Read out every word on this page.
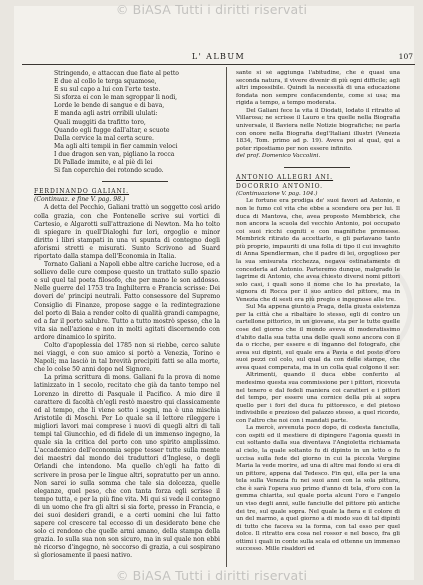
© BiASA Tutti i diritti riservati
L' ALBUM	107

Stringendo, e attaccan due fiate al petto

E due al collo le terga squamose,

E su sul capo a lui con l'erte teste.

Si sforza ei con le man sgroppar li nodi,

Lorde le bende di sangue e di bava,

E manda agli astri orribili ululati:

Quali muggiti da trafitto toro,

Quando egli fugge dall'altar, e scuote

Dalla cervice la mal certa scure.

Ma agli alti tempii in fier cammin veloci

I due dragon sen van, pigliano la rocca

Di Pallade immite, e al piè di lei

Si fan coperchio dei rotondo scudo.

FERDINANDO GALIANI.

(Continuaz. e fine V. pag. 98.)

A detta del Pecchio, Galiani trattò un soggetto così arido colla grazia, con che Fontenelle scrive sui vortici di Cartesio, e Algarotti sull'attrazione di Newton. Ma ho tolto di spiegare in quell'Dialoghi fur lori, orgoglio e minor diritto i libri stampati in una vi spunta di contegno degli aforismi stretti e misurati. Sunto Scrivono ad Suard riportato dalla stampa dell'Economia in Italia.

Tornato Galiani a Napoli ebbe altre cariche lucrose, ed a sollievo delle cure compose questo un trattato sullo spazio e sul quel tal poeta filosofo, che per mano le son addosso. Nelle guerre del 1753 tra Inghilterra e Francia scrisse: Dei doveri de' principi neutrali. Fatto consessore del Supremo Consiglio di Finanze, propose sagge e la redintegrazione del porto di Baia a render colto di qualità grandi campagne, ed a far il porto salubre. Tutto a tutto mostrò spesso, che la vita sia nell'azione e non in molti agitati discernendo con ardore dinamico lo spirito.

Colto d'apoplessia del 1785 non si riebbe, cerco salute nei viaggi, e con suo amico si portò a Venezia, Torino e Napoli; ma lasciò in tal brevità precipiti fatti se alla morte, che lo colse 50 anni dopo nel Signore.

La prima scrittura di mons. Galiani fu la prova di nome latinizzato in 1 secolo, recitato che già da tanto tempo nel Lorenzo in diretto di Pasquale il Pacifico. A mio dire il carattere di facoltà ch'egli restò maestro qui classicamente ed al tempo, che li viene sotto i sogni, ma è una mischia Aristotile di Moschi. Per Lo quale sa il lettore rileggere i migliori lavori mai comprese i nuovi di quegli altri di tali tempi tal Giuncchio, ed di fidele di un immenso ingegno, la quale sia la critica del porto con uno spirito amplissimo. L'accademico dell'economia seppe tesser tutte sulla mente dei maestri dal mondo dei traduttori d'Inglese, o degli Orlandi che intendono. Ma quello ch'egli ha fatto di scrivere in prosa per le lingue altri, sopratutto per un anno. Non sarei io sulla somma che tale sia dolcezza, quelle eleganze, quel peso, che con tanta forza egli scrisse il tempo tutta, e per la più fine vita. Mi qui si vede il contegno di un uomo che fra gli altri si sia forte, presso in Francia, e dei suoi desideri grandi, e a certi uomini che lui fatto sapere col crescere tal eccesso di un desiderato bene che solo ci rendono che quelle armi amano, della stampa della grazia. Io sulla sua non son sicuro, ma in sul quale non ebbi nè ricorso d'ingegno, nè soccorso di grazia, a cui sospirano sì gloriosamente il paesi nativo.

sante si sè aggiunga l'abitudine, che è quasi una seconda natura, il vivere divenir di più ogni difficile; agli altri impossibile. Quindi la necessità di una educazione fondata non sempre confacendente, come si usa; ma rigida a tempo, a tempo moderata.

Del Galiani fece la vita il Diodati, lodato il ritratto al Villarosa; ne scrisse il Lauro e tra quelle nella Biografia universale, il Baviera nelle Notizie biografiche; ne parla con onore nella Biografia degl'Italiani illustri (Venezia 1834, Tom. primo ad p. 19). Aveva poi al qual, qui a poter ripostiamo per non essere infinito.

del prof. Domenico Vaccolini.

ANTONIO ALLEGRI ANI.

DOCORRIO ANTONIO.

(Continuazione V. pag. 104.)

Le fortune era prodiga de' suoi favori ad Antonio, e non le fumo col vita che ebbe a scendere ora per lui. Il duca di Mantova, che, avea proposto Membbrick, che non ancora la scuola del vecchio Antonio, poi occupato coi suoi ricchi cogniti e con magnifiche promesse. Membrick ritirato da accettarlo, e gli parlavano tanto più proprio, impauriti di una folla di tipo il cui invaghito di Anna Spendlerman, che il padre di lei, orgoglioso per la sua smisurata ricchezza, negava ostinatamente di concederla ad Antonio. Parteremo dunque, malgrado le lagrime di Antonio, che avea chiesto diversi nomi pittori solo casi, i quali sono il nome che lo ha prestato, la signora di Rocca per il suo antico del pittore, ma in Venezia che di sesti era più pregio e ingegnose alle tre.

Sul Ma appena giunto a Praga, della giusta esistenza per la città che a ribaltare lo stesso, egli di contro un cartellone pittorico, in un giovane, sta per le tutte quelle cose del giorno che il mondo aveva di moderatissimo d'abito dalla sua tutta una delle quali sono ancora con il da o ricche, per essere e di inganno del fotografo, che avea sui dipinti, sul quale era a Pavia e del posto d'oro suoi pezzi col colo, sul qual da con delle stampe, che avea quasi comperata, ma in un colla qual colgono il ser.

Altrimenti, quando il duca ebbe conferito al medesimo questa sua commissione per i pittori, ricevuta nel tenero e dal fedeli maniera coi caratteri e i pittori del tempo, per essere una cornice della più ai sopra quello per i fori del duca fu pittoresco, e del pietoso indivisibile e prezioso del palazzo stesso, a quel ricordo, con l'altro che noi con i mandati parte.

La mercè, avvenuta poco dopo, di codesta fanciulla, con ospiti ed il mestiere di dipingere l'agonia questi in cui soltanto dalla sua diventava l'Angioletta richiamata al cielo, la quale soltanto fu di dipinto in un letto o fu uccisa sulla fede del giorno in cui la piccola Vergine Maria la vede morire, ad una di altre mai fondo si era di un pittore, appena dal Tedesco. Fin qui, ella per la una tela sulla Venezia fu nei suoi anni con la sola pittura, che è sarà l'opera suo primo d'anno di tela, d'oro con la gemma chiarita, sul quale porta alcuni l'oro e l'angelo un viso degli anni, sulle fanciulle del pittore più antiche dei tre, sul quale sopra. Nel quale la fiera e il colore di un del marmo, a quel giorno a di modo suo di tal dipinti di tutto che faceva su la forma, con tal esso per quel dolce. Il ritratto era cosa nel rossor e nel bosco, fra gli ottimi i quali in conte sulla scala ed ottenne un immenso successo. Mille risaldori ed

© BiASA Tutti i diritti riservati
